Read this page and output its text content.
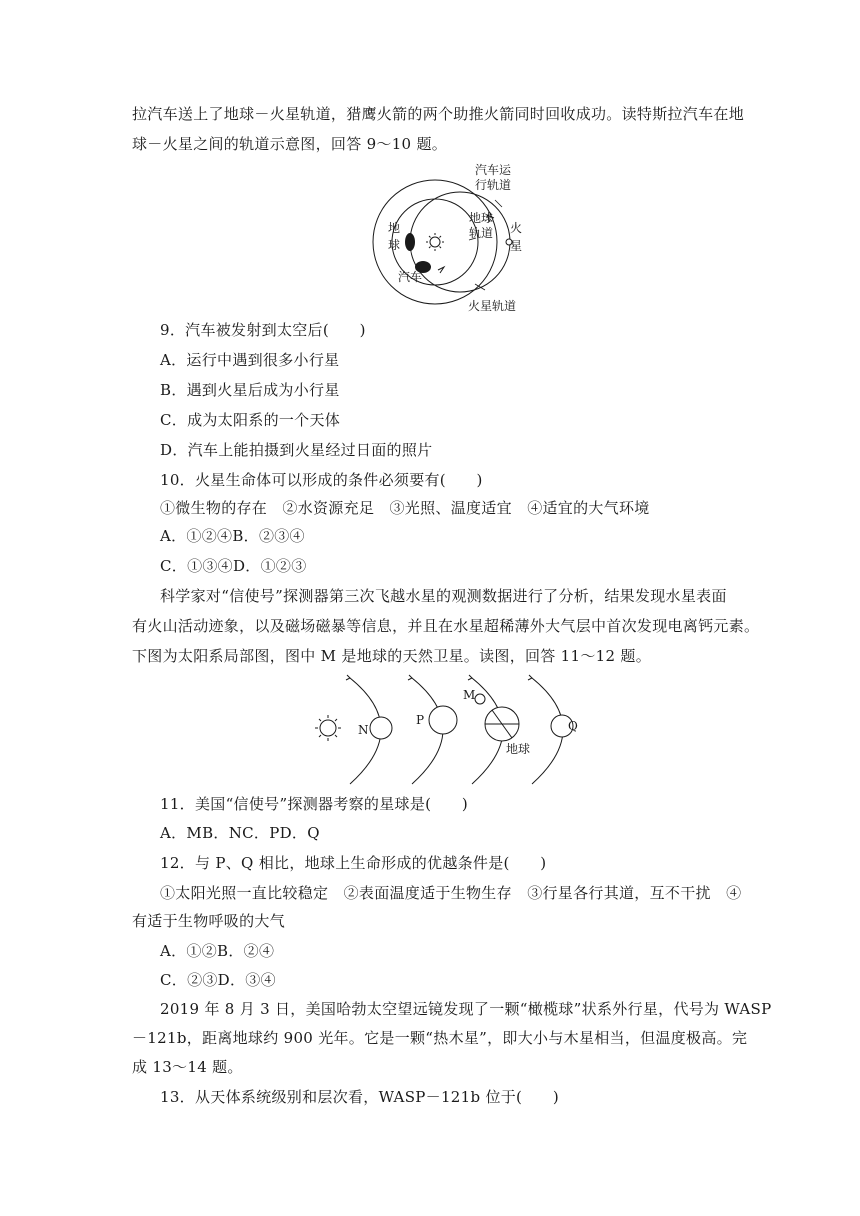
拉汽车送上了地球－火星轨道，猎鹰火箭的两个助推火箭同时回收成功。读特斯拉汽车在地
球－火星之间的轨道示意图，回答 9～10 题。
汽车运
行轨道
地球
轨道
地
球
火
星
汽车
火星轨道
9．汽车被发射到太空后(　　)
A．运行中遇到很多小行星
B．遇到火星后成为小行星
C．成为太阳系的一个天体
D．汽车上能拍摄到火星经过日面的照片
10．火星生命体可以形成的条件必须要有(　　)
①微生物的存在　②水资源充足　③光照、温度适宜　④适宜的大气环境
A．①②④B．②③④
C．①③④D．①②③
科学家对“信使号”探测器第三次飞越水星的观测数据进行了分析，结果发现水星表面
有火山活动迹象，以及磁场磁暴等信息，并且在水星超稀薄外大气层中首次发现电离钙元素。
下图为太阳系局部图，图中 M 是地球的天然卫星。读图，回答 11～12 题。
N
P
M
Q
地球
11．美国“信使号”探测器考察的星球是(　　)
A．MB．NC．PD．Q
12．与 P、Q 相比，地球上生命形成的优越条件是(　　)
①太阳光照一直比较稳定　②表面温度适于生物生存　③行星各行其道，互不干扰　④
有适于生物呼吸的大气
A．①②B．②④
C．②③D．③④
2019 年 8 月 3 日，美国哈勃太空望远镜发现了一颗“橄榄球”状系外行星，代号为 WASP
－121b，距离地球约 900 光年。它是一颗“热木星”，即大小与木星相当，但温度极高。完
成 13～14 题。
13．从天体系统级别和层次看，WASP－121b 位于(　　)
